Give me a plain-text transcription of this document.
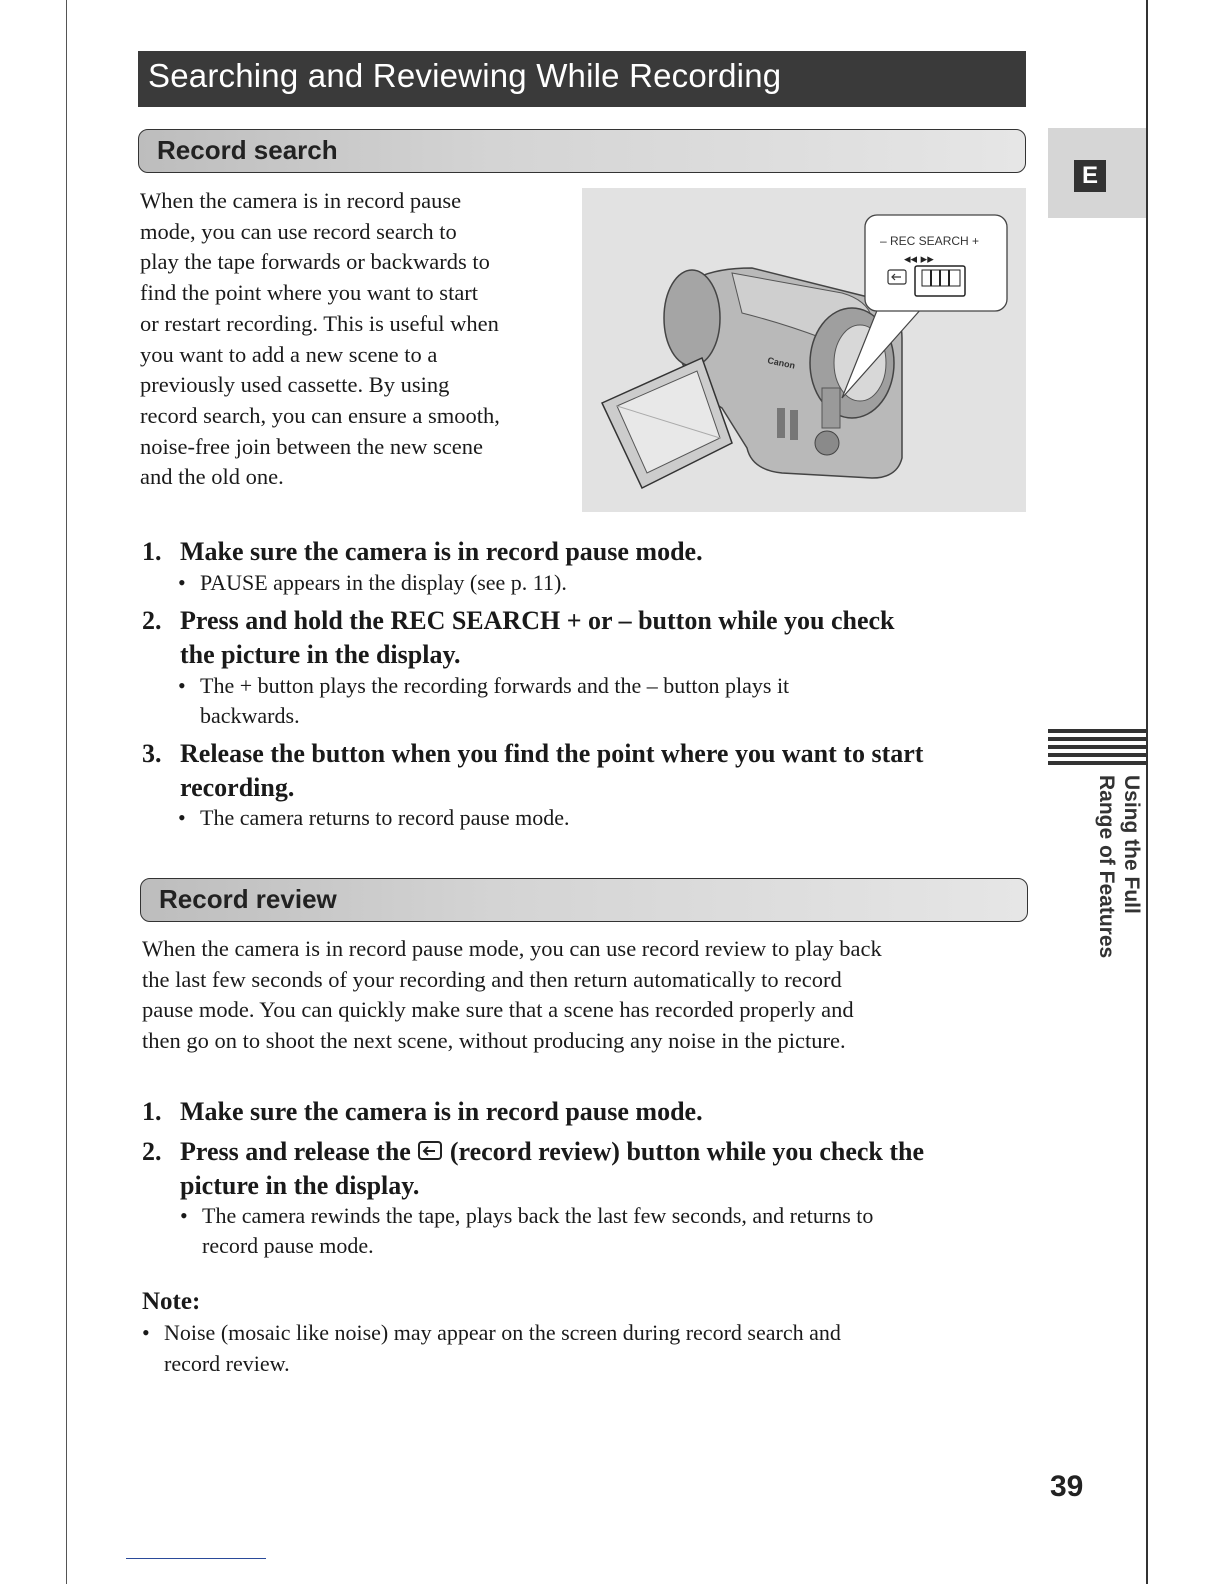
Searching and Reviewing While Recording
E
Record search
When the camera is in record pause
mode, you can use record search to
play the tape forwards or backwards to
find the point where you want to start
or restart recording. This is useful when
you want to add a new scene to a
previously used cassette. By using
record search, you can ensure a smooth,
noise-free join between the new scene
and the old one.
Canon
– REC SEARCH +
◂◂ ▸▸
1. Make sure the camera is in record pause mode.
• PAUSE appears in the display (see p. 11).
2. Press and hold the REC SEARCH + or – button while you check
the picture in the display.
• The + button plays the recording forwards and the – button plays it
backwards.
3. Release the button when you find the point where you want to start
recording.
• The camera returns to record pause mode.	Using the Full
Range of Features
Record review
When the camera is in record pause mode, you can use record review to play back
the last few seconds of your recording and then return automatically to record
pause mode. You can quickly make sure that a scene has recorded properly and
then go on to shoot the next scene, without producing any noise in the picture.
1. Make sure the camera is in record pause mode.
2. Press and release the (record review) button while you check the
picture in the display.
• The camera rewinds the tape, plays back the last few seconds, and returns to
record pause mode.
Note:
• Noise (mosaic like noise) may appear on the screen during record search and
record review.
39
